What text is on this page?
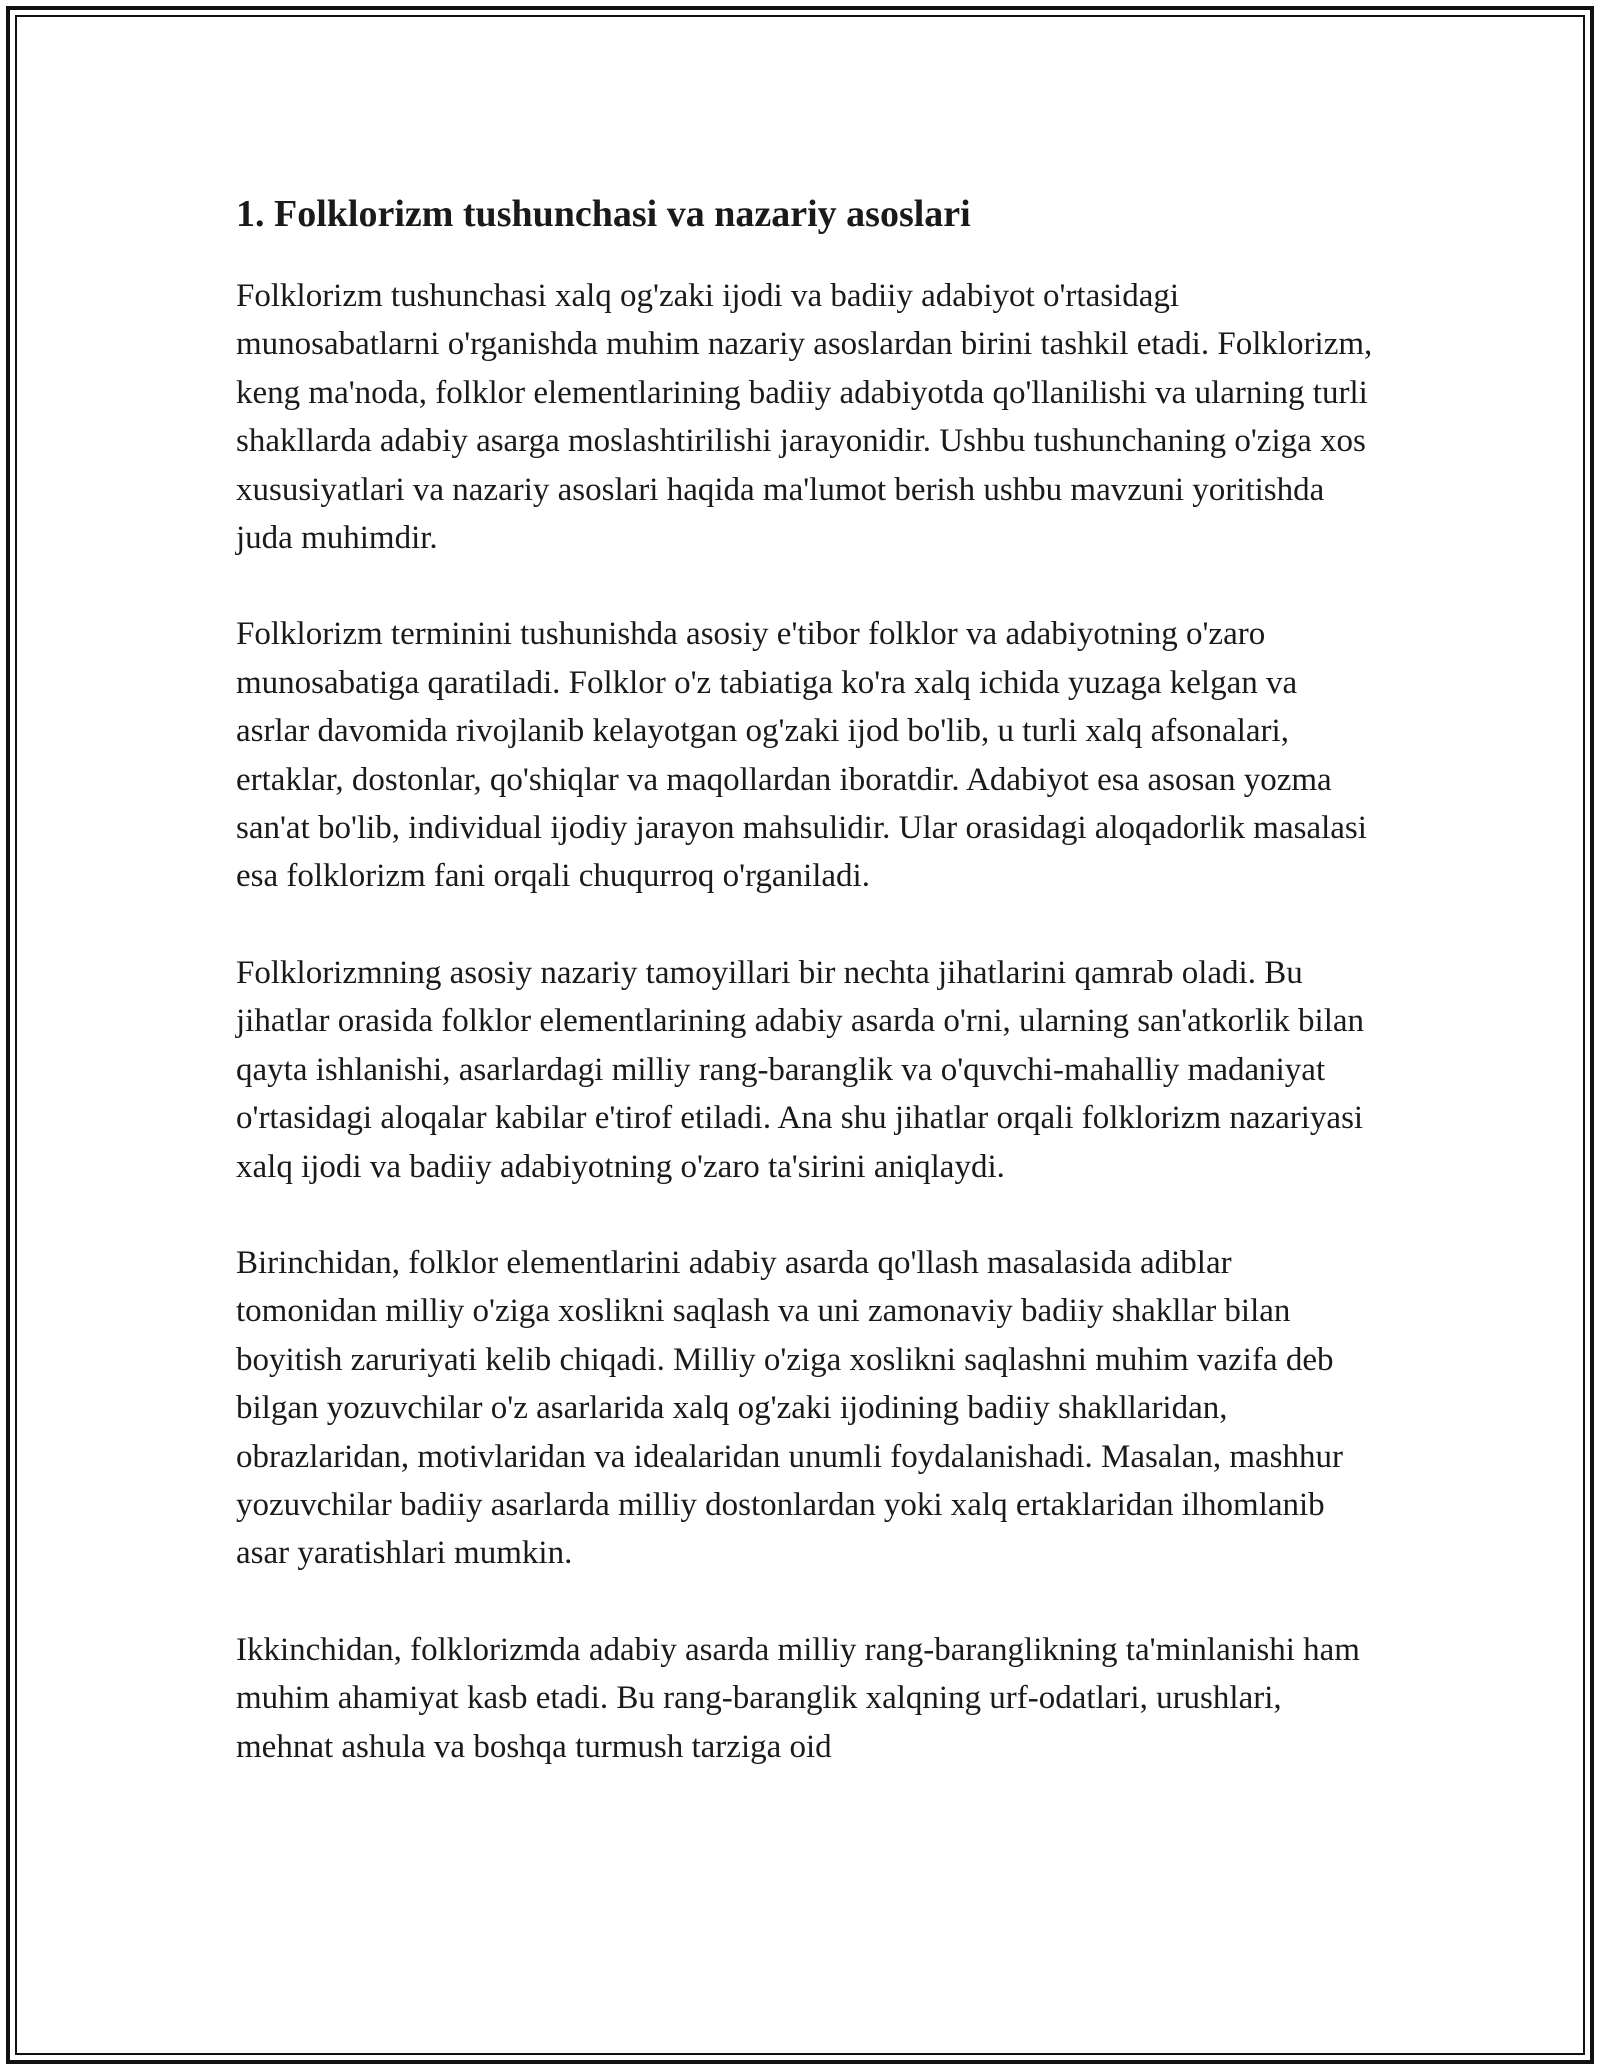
1. Folklorizm tushunchasi va nazariy asoslari

Folklorizm tushunchasi xalq og'zaki ijodi va badiiy adabiyot o'rtasidagi munosabatlarni o'rganishda muhim nazariy asoslardan birini tashkil etadi. Folklorizm, keng ma'noda, folklor elementlarining badiiy adabiyotda qo'llanilishi va ularning turli shakllarda adabiy asarga moslashtirilishi jarayonidir. Ushbu tushunchaning o'ziga xos xususiyatlari va nazariy asoslari haqida ma'lumot berish ushbu mavzuni yoritishda juda muhimdir.

Folklorizm terminini tushunishda asosiy e'tibor folklor va adabiyotning o'zaro munosabatiga qaratiladi. Folklor o'z tabiatiga ko'ra xalq ichida yuzaga kelgan va asrlar davomida rivojlanib kelayotgan og'zaki ijod bo'lib, u turli xalq afsonalari, ertaklar, dostonlar, qo'shiqlar va maqollardan iboratdir. Adabiyot esa asosan yozma san'at bo'lib, individual ijodiy jarayon mahsulidir. Ular orasidagi aloqadorlik masalasi esa folklorizm fani orqali chuqurroq o'rganiladi.

Folklorizmning asosiy nazariy tamoyillari bir nechta jihatlarini qamrab oladi. Bu jihatlar orasida folklor elementlarining adabiy asarda o'rni, ularning san'atkorlik bilan qayta ishlanishi, asarlardagi milliy rang-baranglik va o'quvchi-mahalliy madaniyat o'rtasidagi aloqalar kabilar e'tirof etiladi. Ana shu jihatlar orqali folklorizm nazariyasi xalq ijodi va badiiy adabiyotning o'zaro ta'sirini aniqlaydi.

Birinchidan, folklor elementlarini adabiy asarda qo'llash masalasida adiblar tomonidan milliy o'ziga xoslikni saqlash va uni zamonaviy badiiy shakllar bilan boyitish zaruriyati kelib chiqadi. Milliy o'ziga xoslikni saqlashni muhim vazifa deb bilgan yozuvchilar o'z asarlarida xalq og'zaki ijodining badiiy shakllaridan, obrazlaridan, motivlaridan va idealaridan unumli foydalanishadi. Masalan, mashhur yozuvchilar badiiy asarlarda milliy dostonlardan yoki xalq ertaklaridan ilhomlanib asar yaratishlari mumkin.

Ikkinchidan, folklorizmda adabiy asarda milliy rang-baranglikning ta'minlanishi ham muhim ahamiyat kasb etadi. Bu rang-baranglik xalqning urf-odatlari, urushlari, mehnat ashula va boshqa turmush tarziga oid
